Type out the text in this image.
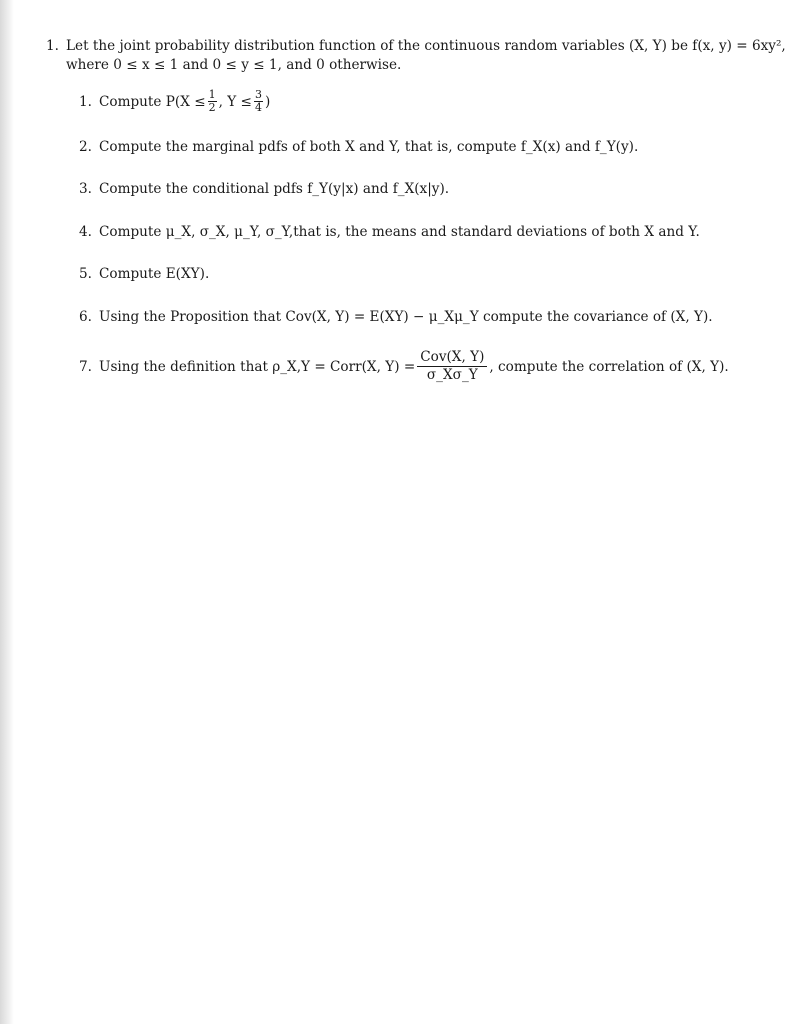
1. Let the joint probability distribution function of the continuous random variables (X, Y) be f(x, y) = 6xy²,
where 0 ≤ x ≤ 1 and 0 ≤ y ≤ 1, and 0 otherwise.
1. Compute $P(X \le \frac{1}{2}$ , $Y \le \frac{3}{4}$ )
2. Compute the marginal pdfs of both X and Y, that is, compute f_X(x) and f_Y(y).
3. Compute the conditional pdfs f_Y(y|x) and f_X(x|y).
4. Compute μ_X, σ_X, μ_Y, σ_Y,that is, the means and standard deviations of both X and Y.
5. Compute E(XY).
6. Using the Proposition that Cov(X, Y) = E(XY) − μ_Xμ_Y compute the covariance of (X, Y).
7. Using the definition that ρ_X,Y = Corr(X, $Y) = \frac{\text{Cov(X, Y)}}{\sigma\_X\sigma\_Y}$ , compute the correlation of (X, Y).
